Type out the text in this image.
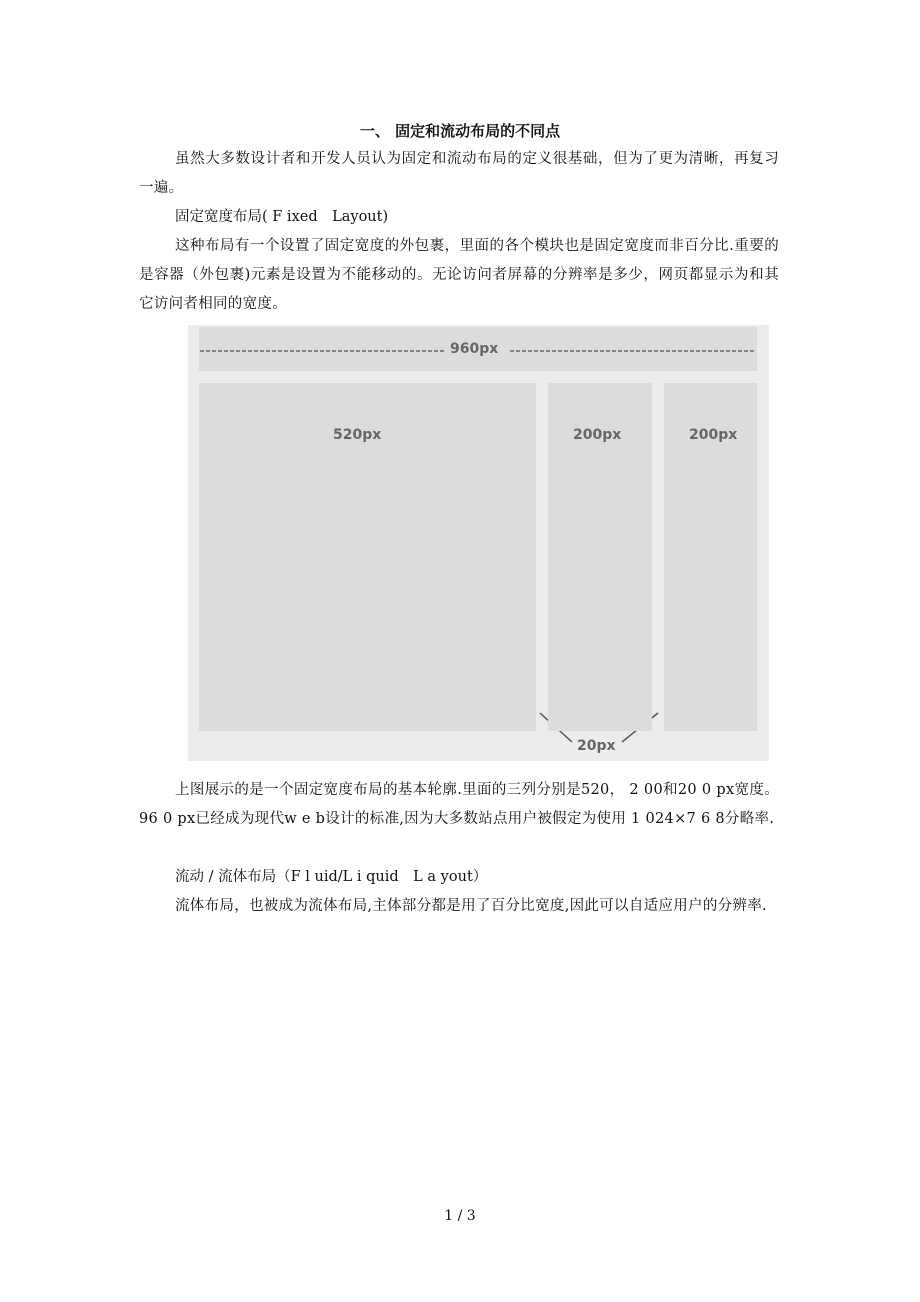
一、 固定和流动布局的不同点

虽然大多数设计者和开发人员认为固定和流动布局的定义很基础，但为了更为清晰，再复习一遍。

固定宽度布局( F ixed　Layout)

这种布局有一个设置了固定宽度的外包裹，里面的各个模块也是固定宽度而非百分比.重要的是容器（外包裹)元素是设置为不能移动的。无论访问者屏幕的分辨率是多少，网页都显示为和其它访问者相同的宽度。

960px
520px	200px	200px
20px

上图展示的是一个固定宽度布局的基本轮廓.里面的三列分别是520， 2 00和20 0 px宽度。96 0 px已经成为现代w e b设计的标准,因为大多数站点用户被假定为使用 1 024×7 6 8分略率.

流动 / 流体布局（F l uid/L i quid　L a yout）

流体布局，也被成为流体布局,主体部分都是用了百分比宽度,因此可以自适应用户的分辨率.

1 / 3
